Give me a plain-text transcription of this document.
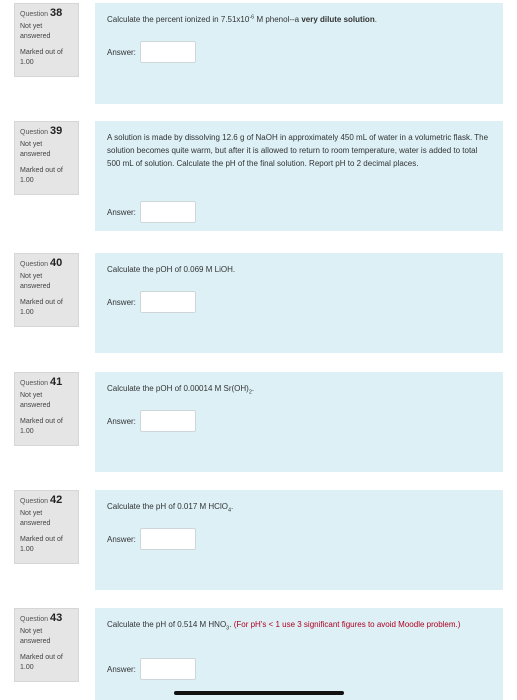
Question 38
Not yet answered
Marked out of
1.00
Calculate the percent ionized in $7.51x10^{-6}$ M phenol--a very dilute solution.
Answer:
Question 39
Not yet answered
Marked out of
1.00
A solution is made by dissolving 12.6 g of NaOH in approximately 450 mL of water in a volumetric flask. The solution becomes quite warm, but after it is allowed to return to room temperature, water is added to total 500 mL of solution. Calculate the pH of the final solution. Report pH to 2 decimal places.
Answer:
Question 40
Not yet answered
Marked out of
1.00
Calculate the pOH of 0.069 M LiOH.
Answer:
Question 41
Not yet answered
Marked out of
1.00
Calculate the pOH of 0.00014 M $Sr(OH)_2$.
Answer:
Question 42
Not yet answered
Marked out of
1.00
Calculate the pH of 0.017 M HClO$_4$.
Answer:
Question 43
Not yet answered
Marked out of
1.00
Calculate the pH of 0.514 M $HNO_3$. (For pH's < 1 use 3 significant figures to avoid Moodle problem.)
Answer:
